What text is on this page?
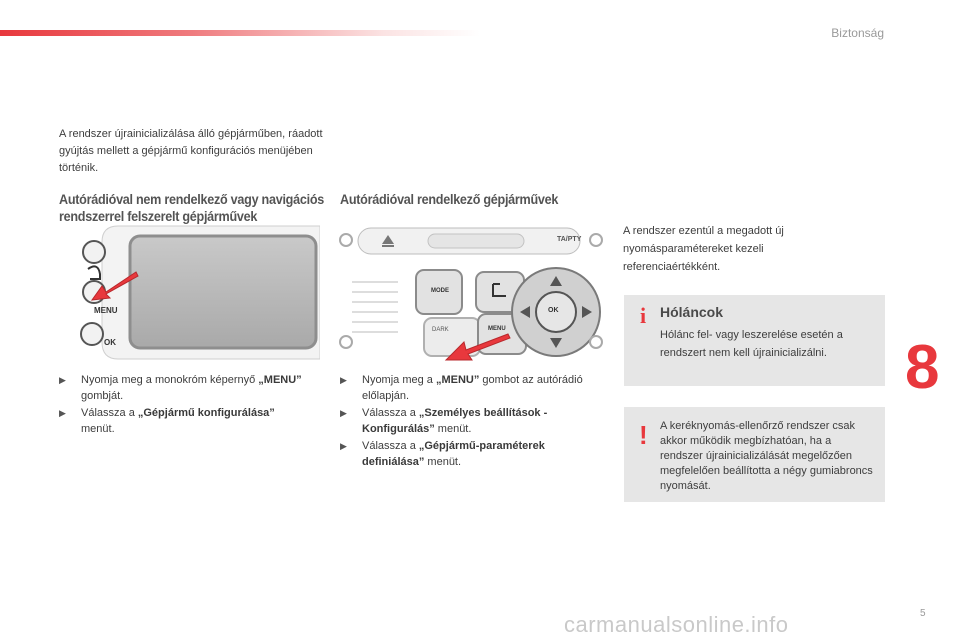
Biztonság
A rendszer újrainicializálása álló gépjárműben, ráadott gyújtás mellett a gépjármű konfigurációs menüjében történik.
Autórádióval nem rendelkező vagy navigációs rendszerrel felszerelt gépjárművek
Autórádióval rendelkező gépjárművek
MENU
OK
TA/PTY
MODE
DARK	MENU
OK
▶ Nyomja meg a monokróm képernyő „MENU” gombját.
▶ Válassza a „Gépjármű konfigurálása” menüt.
▶ Nyomja meg a „MENU” gombot az autórádió előlapján.
▶ Válassza a „Személyes beállítások - Konfigurálás” menüt.
▶ Válassza a „Gépjármű-paraméterek definiálása” menüt.
A rendszer ezentúl a megadott új nyomásparamétereket kezeli referenciaértékként.
i Hóláncok
Hólánc fel- vagy leszerelése esetén a rendszert nem kell újrainicializálni.
! A keréknyomás-ellenőrző rendszer csak akkor működik megbízhatóan, ha a rendszer újrainicializálását megelőzően megfelelően beállította a négy gumiabroncs nyomását.
8
carmanualsonline.info	5
